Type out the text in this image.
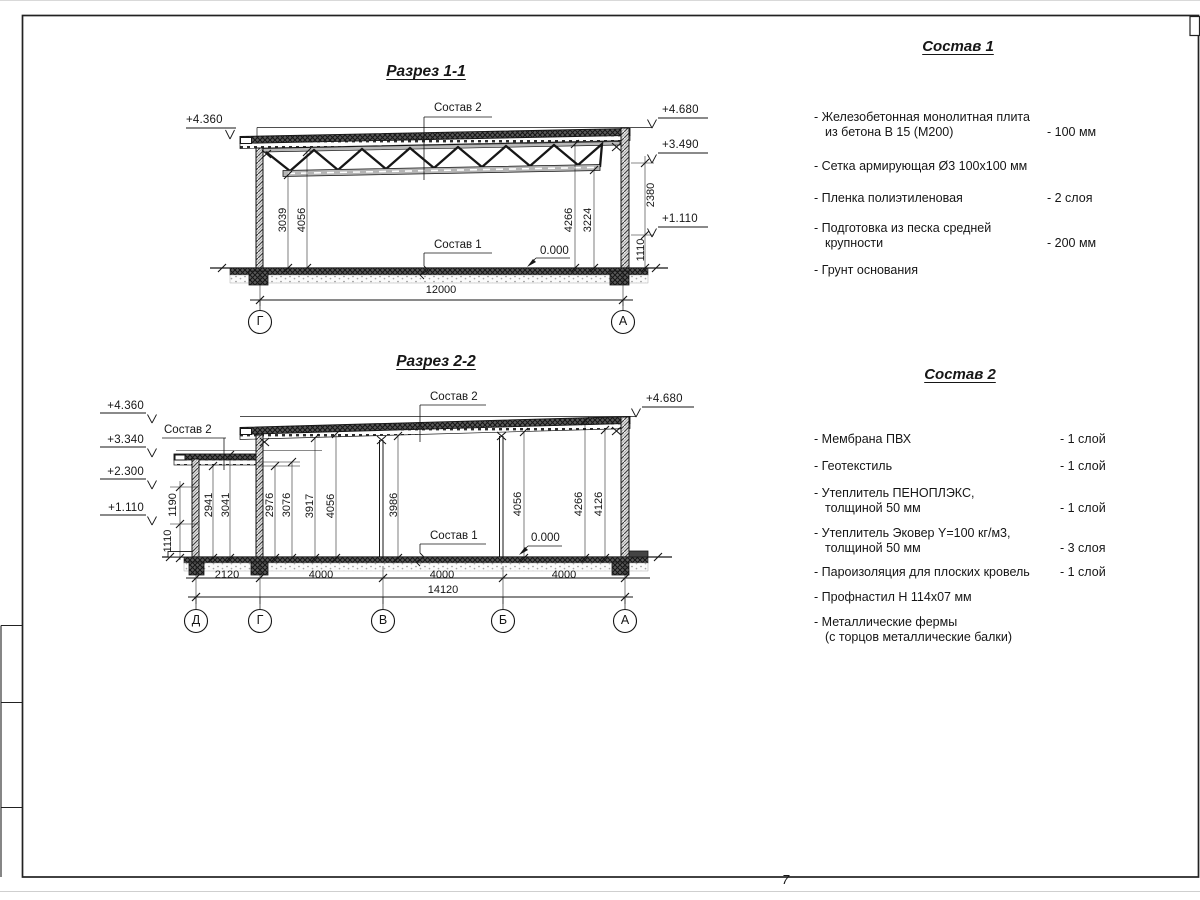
Разрез 1-1
+4.360
+4.680
+3.490
+1.110
Состав 2
Состав 1	0.000
3039 4056	4266 3224
2380
1110
12000
Г	А
Разрез 2-2
+4.360
+3.340
+2.300
+1.110
+4.680
Состав 2
Состав 2
Состав 1	0.000
1190
1110
2941 3041	2976 3076 3917 4056	3986	4056	4266 4126
2120	4000	4000	4000
14120
Д	Г	В	Б	А
Состав 1
- Железобетонная монолитная плита
из бетона В 15 (М200)	- 100 мм
- Сетка армирующая Ø3 100х100 мм
- Пленка полиэтиленовая	- 2 слоя
- Подготовка из песка средней
крупности	- 200 мм
- Грунт основания
Состав 2
- Мембрана ПВХ	- 1 слой
- Геотекстиль	- 1 слой
- Утеплитель ПЕНОПЛЭКС,
толщиной 50 мм	- 1 слой
- Утеплитель Эковер Y=100 кг/м3,
толщиной 50 мм	- 3 слоя
- Пароизоляция для плоских кровель	- 1 слой
- Профнастил Н 114х07 мм
- Металлические фермы
(с торцов металлические балки)
7
